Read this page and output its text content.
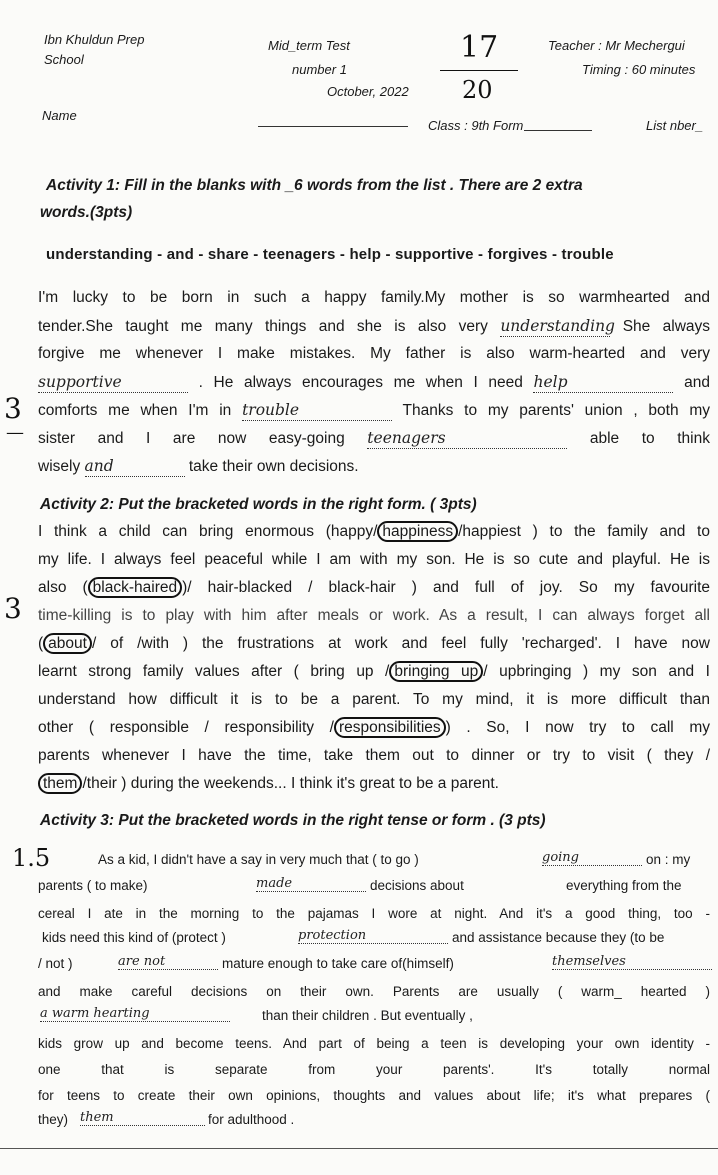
Ibn Khuldun Prep
School
Mid_term Test
number 1
October, 2022
Teacher : Mr Mechergui
Timing : 60 minutes
17
20
Name
Class : 9th Form	List nber_
Activity 1: Fill in the blanks with _6 words from the list . There are 2 extra
words.(3pts)
understanding - and - share - teenagers - help - supportive - forgives - trouble
I'm lucky to be born in such a happy family.My mother is so warmhearted and
tender.She taught me many things and she is also very understanding She always
forgive me whenever I make mistakes. My father is also warm-hearted and very
supportive	. He always encourages me when I need help	and
3
—
comforts me when I'm in trouble	Thanks to my parents' union , both my
sister and I are now easy-going teenagers	able to think
wisely and	take their own decisions.
Activity 2: Put the bracketed words in the right form. ( 3pts)
I think a child can bring enormous (happy/ happiness /happiest ) to the family and to
my life. I always feel peaceful while I am with my son. He is so cute and playful. He is
also ( black-haired )/ hair-blacked / black-hair ) and full of joy. So my favourite
3 time-killing is to play with him after meals or work. As a result, I can always forget all
( about / of /with ) the frustrations at work and feel fully 'recharged'. I have now
learnt strong family values after ( bring up / bringing up / upbringing ) my son and I
understand how difficult it is to be a parent. To my mind, it is more difficult than
other ( responsible / responsibility / responsibilities ) . So, I now try to call my
parents whenever I have the time, take them out to dinner or try to visit ( they /
them /their ) during the weekends... I think it's great to be a parent.
Activity 3: Put the bracketed words in the right tense or form . (3 pts)
1.5	As a kid, I didn't have a say in very much that ( to go )	going	on : my
parents ( to make)	made	decisions about	everything from the
cereal I ate in the morning to the pajamas I wore at night. And it's a good thing, too -
kids need this kind of (protect )	protection	and assistance because they (to be
/ not )	are not	mature enough to take care of(himself)	themselves
and make careful decisions on their own. Parents are usually ( warm_ hearted )
a warm hearting	than their children . But eventually ,
kids grow up and become teens. And part of being a teen is developing your own identity -
one that is separate from your parents'. It's totally normal
for teens to create their own opinions, thoughts and values about life; it's what prepares (
they) them	for adulthood .
